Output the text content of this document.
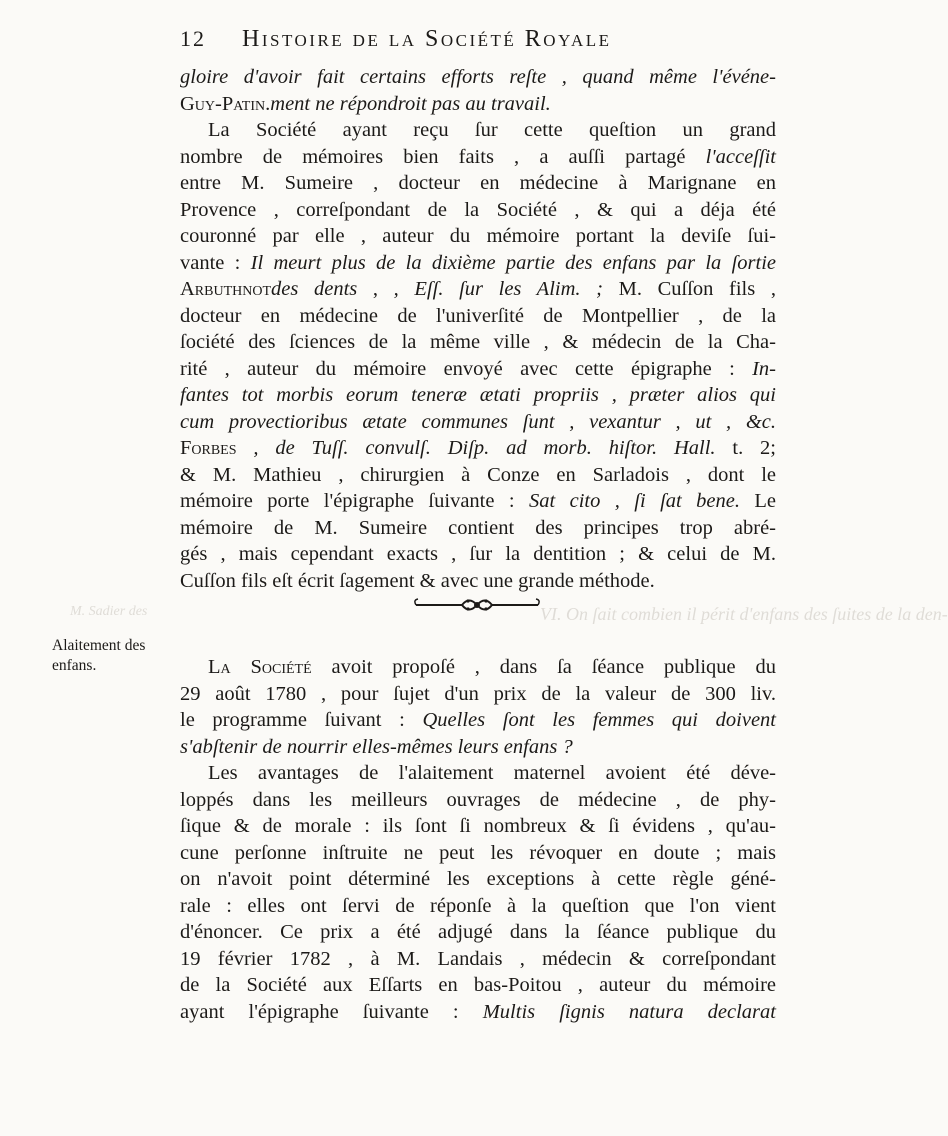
12 Histoire de la Société Royale
VI. On ſait combien il périt d'enfans des ſuites de la den-
M. Sadier des
gloire d'avoir fait certains efforts reſte , quand même l'événe-
Guy-Patin.ment ne répondroit pas au travail.
La Société ayant reçu ſur cette queſtion un grand
nombre de mémoires bien faits , a auſſi partagé l'acceſſit
entre M. Sumeire , docteur en médecine à Marignane en
Provence , correſpondant de la Société , & qui a déja été
couronné par elle , auteur du mémoire portant la deviſe ſui-
vante : Il meurt plus de la dixième partie des enfans par la ſortie
Arbuthnotdes dents , , Eſſ. ſur les Alim. ; M. Cuſſon fils ,
docteur en médecine de l'univerſité de Montpellier , de la
ſociété des ſciences de la même ville , & médecin de la Cha-
rité , auteur du mémoire envoyé avec cette épigraphe : In-
fantes tot morbis eorum teneræ ætati propriis , præter alios qui
cum provectioribus ætate communes ſunt , vexantur , ut , &c.
Forbes , de Tuſſ. convulſ. Diſp. ad morb. hiſtor. Hall. t. 2;
& M. Mathieu , chirurgien à Conze en Sarladois , dont le
mémoire porte l'épigraphe ſuivante : Sat cito , ſi ſat bene. Le
mémoire de M. Sumeire contient des principes trop abré-
gés , mais cependant exacts , ſur la dentition ; & celui de M.
Cuſſon fils eſt écrit ſagement & avec une grande méthode.
Alaitement des
enfans.	La Société avoit propoſé , dans ſa ſéance publique du
29 août 1780 , pour ſujet d'un prix de la valeur de 300 liv.
le programme ſuivant : Quelles ſont les femmes qui doivent
s'abſtenir de nourrir elles-mêmes leurs enfans ?
Les avantages de l'alaitement maternel avoient été déve-
loppés dans les meilleurs ouvrages de médecine , de phy-
ſique & de morale : ils ſont ſi nombreux & ſi évidens , qu'au-
cune perſonne inſtruite ne peut les révoquer en doute ; mais
on n'avoit point déterminé les exceptions à cette règle géné-
rale : elles ont ſervi de réponſe à la queſtion que l'on vient
d'énoncer. Ce prix a été adjugé dans la ſéance publique du
19 février 1782 , à M. Landais , médecin & correſpondant
de la Société aux Eſſarts en bas-Poitou , auteur du mémoire
ayant l'épigraphe ſuivante : Multis ſignis natura declarat
